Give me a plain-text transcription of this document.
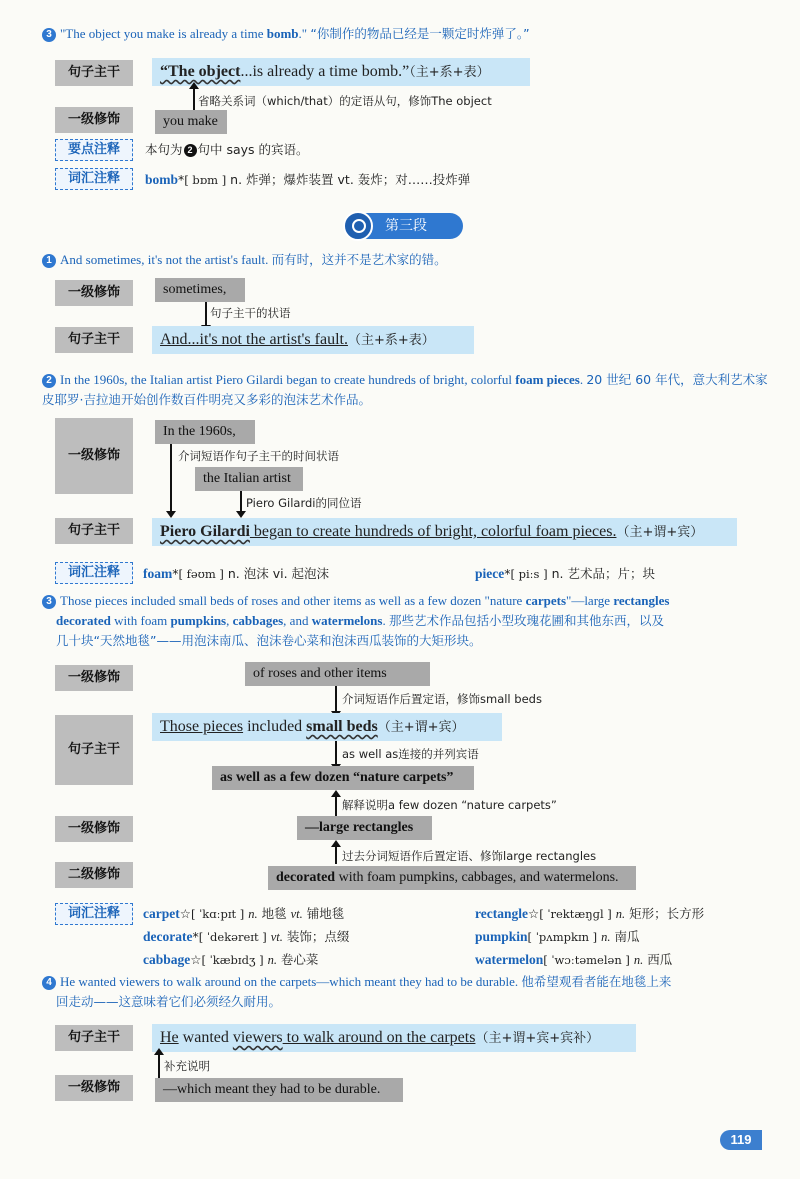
3 "The object you make is already a time bomb." “你制作的物品已经是一颗定时炸弹了。”
句子主干	“The object...is already a time bomb.”（主+系+表）
省略关系词（which/that）的定语从句，修饰The object
一级修饰	you make
要点注释	本句为 2 句中 says 的宾语。
词汇注释	bomb*[ bɒm ] n. 炸弹；爆炸装置 vt. 轰炸；对……投炸弹
第三段
1 And sometimes, it's not the artist's fault. 而有时，这并不是艺术家的错。
一级修饰	sometimes,
句子主干的状语
句子主干	And...it's not the artist's fault.（主+系+表）
2 In the 1960s, the Italian artist Piero Gilardi began to create hundreds of bright, colorful foam pieces. 20 世纪 60 年代，意大利艺术家皮耶罗·吉拉迪开始创作数百件明亮又多彩的泡沫艺术作品。
一级修饰
In the 1960s,
介词短语作句子主干的时间状语
the Italian artist
Piero Gilardi的同位语
句子主干	Piero Gilardi began to create hundreds of bright, colorful foam pieces.（主+谓+宾）
词汇注释	foam*[ fəʊm ] n. 泡沫 vi. 起泡沫	piece*[ piːs ] n. 艺术品；片；块
3 Those pieces included small beds of roses and other items as well as a few dozen "nature carpets"—large rectangles
decorated with foam pumpkins, cabbages, and watermelons. 那些艺术作品包括小型玫瑰花圃和其他东西，以及
几十块“天然地毯”——用泡沫南瓜、泡沫卷心菜和泡沫西瓜装饰的大矩形块。
一级修饰	of roses and other items
介词短语作后置定语，修饰small beds
句子主干
Those pieces included small beds（主+谓+宾）
as well as连接的并列宾语
as well as a few dozen “nature carpets”
解释说明a few dozen “nature carpets”
一级修饰	—large rectangles
过去分词短语作后置定语、修饰large rectangles
二级修饰	decorated with foam pumpkins, cabbages, and watermelons.
词汇注释	carpet☆[ ˈkɑːpɪt ] n. 地毯 vt. 铺地毯	rectangle☆[ ˈrektæŋɡl ] n. 矩形；长方形
decorate*[ ˈdekəreɪt ] vt. 装饰；点缀	pumpkin[ ˈpʌmpkɪn ] n. 南瓜
cabbage☆[ ˈkæbɪdʒ ] n. 卷心菜	watermelon[ ˈwɔːtəmelən ] n. 西瓜
4 He wanted viewers to walk around on the carpets—which meant they had to be durable. 他希望观看者能在地毯上来
回走动——这意味着它们必须经久耐用。
句子主干	He wanted viewers to walk around on the carpets（主+谓+宾+宾补）
补充说明
一级修饰	—which meant they had to be durable.
119
